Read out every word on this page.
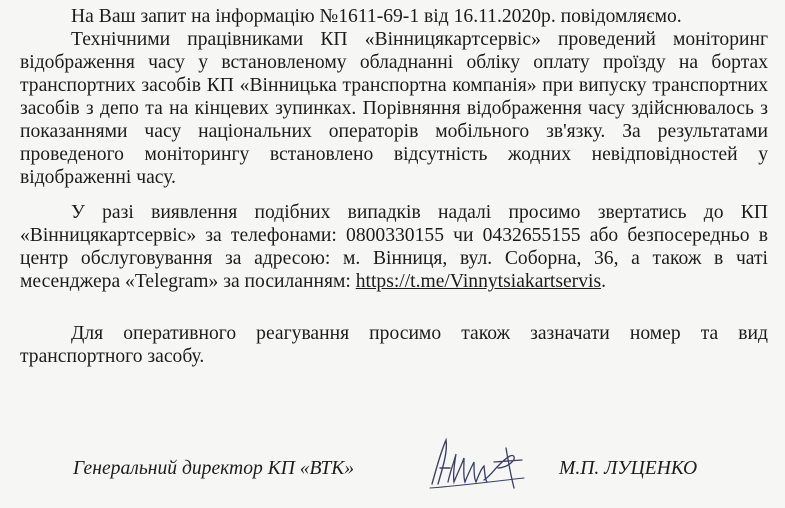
На Ваш запит на інформацію №1611-69-1 від 16.11.2020р. повідомляємо.

Технічними працівниками КП «Вінницякартсервіс» проведений моніторинг відображення часу у встановленому обладнанні обліку оплату проїзду на бортах транспортних засобів КП «Вінницька транспортна компанія» при випуску транспортних засобів з депо та на кінцевих зупинках. Порівняння відображення часу здійснювалось з показаннями часу національних операторів мобільного зв'язку. За результатами проведеного моніторингу встановлено відсутність жодних невідповідностей у відображенні часу.

У разі виявлення подібних випадків надалі просимо звертатись до КП «Вінницякартсервіс» за телефонами: 0800330155 чи 0432655155 або безпосередньо в центр обслуговування за адресою: м. Вінниця, вул. Соборна, 36, а також в чаті месенджера «Telegram» за посиланням: https://t.me/Vinnytsiakartservis.

Для оперативного реагування просимо також зазначати номер та вид транспортного засобу.

Генеральний директор КП «ВТК»	М.П. ЛУЦЕНКО
